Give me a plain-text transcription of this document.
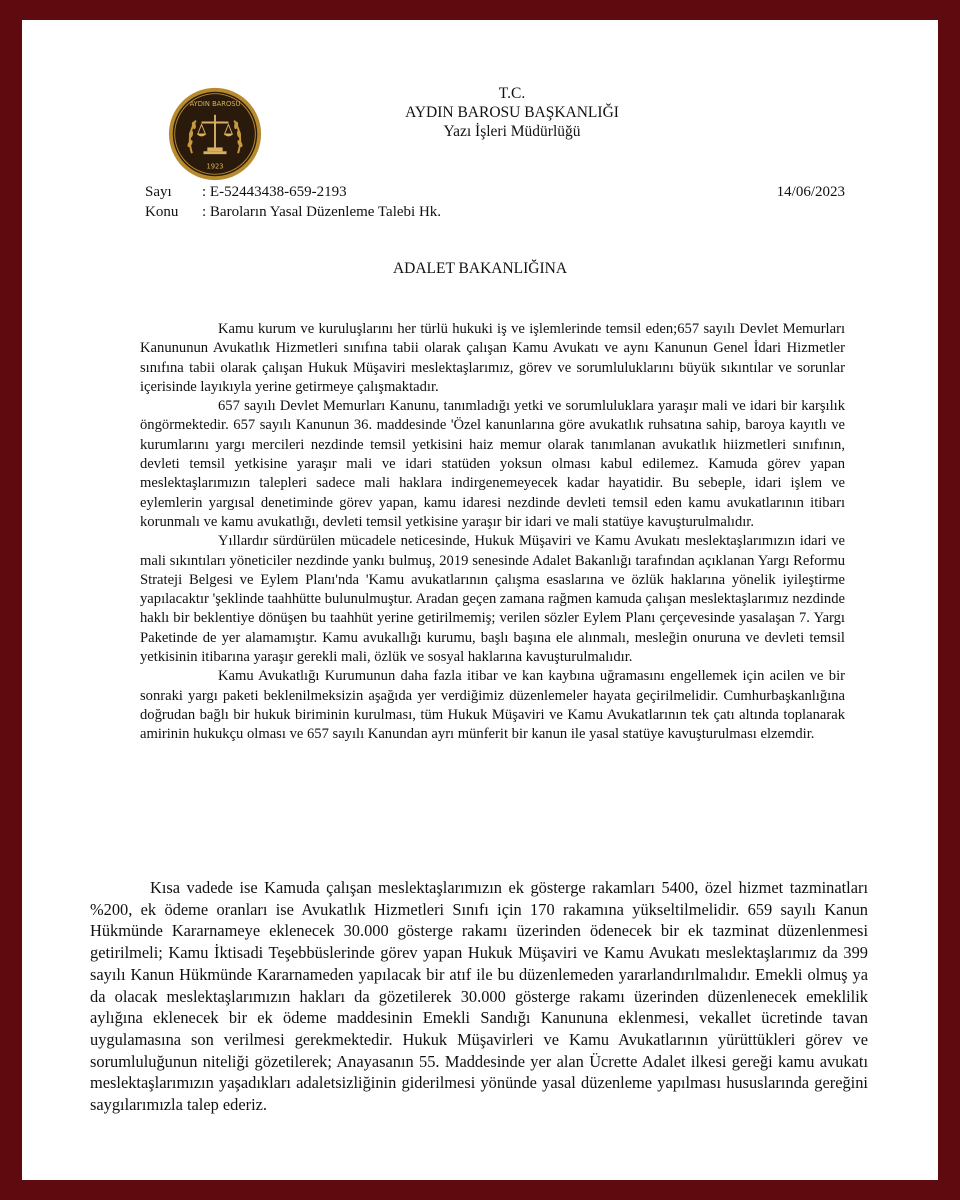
AYDIN BAROSU
1923
T.C.
AYDIN BAROSU BAŞKANLIĞI
Yazı İşleri Müdürlüğü
Sayı	: E-52443438-659-2193
Konu	: Baroların Yasal Düzenleme Talebi Hk.
14/06/2023
ADALET BAKANLIĞINA

Kamu kurum ve kuruluşlarını her türlü hukuki iş ve işlemlerinde temsil eden;657 sayılı Devlet Memurları Kanununun Avukatlık Hizmetleri sınıfına tabii olarak çalışan Kamu Avukatı ve aynı Kanunun Genel İdari Hizmetler sınıfına tabii olarak çalışan Hukuk Müşaviri meslektaşlarımız, görev ve sorumluluklarını büyük sıkıntılar ve sorunlar içerisinde layıkıyla yerine getirmeye çalışmaktadır.

657 sayılı Devlet Memurları Kanunu, tanımladığı yetki ve sorumluluklara yaraşır mali ve idari bir karşılık öngörmektedir. 657 sayılı Kanunun 36. maddesinde 'Özel kanunlarına göre avukatlık ruhsatına sahip, baroya kayıtlı ve kurumlarını yargı mercileri nezdinde temsil yetkisini haiz memur olarak tanımlanan avukatlık hiizmetleri sınıfının, devleti temsil yetkisine yaraşır mali ve idari statüden yoksun olması kabul edilemez. Kamuda görev yapan meslektaşlarımızın talepleri sadece mali haklara indirgenemeyecek kadar hayatidir. Bu sebeple, idari işlem ve eylemlerin yargısal denetiminde görev yapan, kamu idaresi nezdinde devleti temsil eden kamu avukatlarının itibarı korunmalı ve kamu avukatlığı, devleti temsil yetkisine yaraşır bir idari ve mali statüye kavuşturulmalıdır.

Yıllardır sürdürülen mücadele neticesinde, Hukuk Müşaviri ve Kamu Avukatı meslektaşlarımızın idari ve mali sıkıntıları yöneticiler nezdinde yankı bulmuş, 2019 senesinde Adalet Bakanlığı tarafından açıklanan Yargı Reformu Strateji Belgesi ve Eylem Planı'nda 'Kamu avukatlarının çalışma esaslarına ve özlük haklarına yönelik iyileştirme yapılacaktır 'şeklinde taahhütte bulunulmuştur. Aradan geçen zamana rağmen kamuda çalışan meslektaşlarımız nezdinde haklı bir beklentiye dönüşen bu taahhüt yerine getirilmemiş; verilen sözler Eylem Planı çerçevesinde yasalaşan 7. Yargı Paketinde de yer alamamıştır. Kamu avukallığı kurumu, başlı başına ele alınmalı, mesleğin onuruna ve devleti temsil yetkisinin itibarına yaraşır gerekli mali, özlük ve sosyal haklarına kavuşturulmalıdır.

Kamu Avukatlığı Kurumunun daha fazla itibar ve kan kaybına uğramasını engellemek için acilen ve bir sonraki yargı paketi beklenilmeksizin aşağıda yer verdiğimiz düzenlemeler hayata geçirilmelidir. Cumhurbaşkanlığına doğrudan bağlı bir hukuk biriminin kurulması, tüm Hukuk Müşaviri ve Kamu Avukatlarının tek çatı altında toplanarak amirinin hukukçu olması ve 657 sayılı Kanundan ayrı münferit bir kanun ile yasal statüye kavuşturulması elzemdir.

Kısa vadede ise Kamuda çalışan meslektaşlarımızın ek gösterge rakamları 5400, özel hizmet tazminatları %200, ek ödeme oranları ise Avukatlık Hizmetleri Sınıfı için 170 rakamına yükseltilmelidir. 659 sayılı Kanun Hükmünde Kararnameye eklenecek 30.000 gösterge rakamı üzerinden ödenecek bir ek tazminat düzenlenmesi getirilmeli; Kamu İktisadi Teşebbüslerinde görev yapan Hukuk Müşaviri ve Kamu Avukatı meslektaşlarımız da 399 sayılı Kanun Hükmünde Kararnameden yapılacak bir atıf ile bu düzenlemeden yararlandırılmalıdır. Emekli olmuş ya da olacak meslektaşlarımızın hakları da gözetilerek 30.000 gösterge rakamı üzerinden düzenlenecek emeklilik aylığına eklenecek bir ek ödeme maddesinin Emekli Sandığı Kanununa eklenmesi, vekallet ücretinde tavan uygulamasına son verilmesi gerekmektedir. Hukuk Müşavirleri ve Kamu Avukatlarının yürüttükleri görev ve sorumluluğunun niteliği gözetilerek; Anayasanın 55. Maddesinde yer alan Ücrette Adalet ilkesi gereği kamu avukatı meslektaşlarımızın yaşadıkları adaletsizliğinin giderilmesi yönünde yasal düzenleme yapılması hususlarında gereğini saygılarımızla talep ederiz.
